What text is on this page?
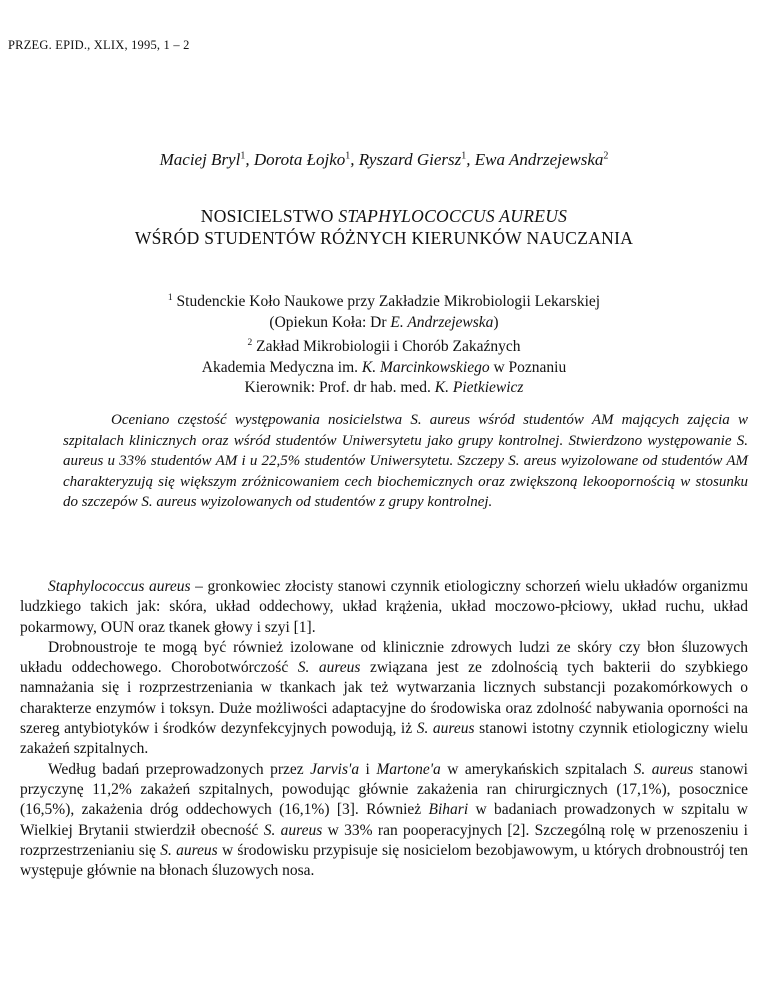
PRZEG. EPID., XLIX, 1995, 1 – 2
Maciej Bryl$^1$, Dorota Łojko$^1$, Ryszard Giersz$^1$, Ewa Andrzejewska$^2$
NOSICIELSTWO STAPHYLOCOCCUS AUREUS
WŚRÓD STUDENTÓW RÓŻNYCH KIERUNKÓW NAUCZANIA
$^1$ Studenckie Koło Naukowe przy Zakładzie Mikrobiologii Lekarskiej
(Opiekun Koła: Dr E. Andrzejewska)
$^2$ Zakład Mikrobiologii i Chorób Zakaźnych
Akademia Medyczna im. K. Marcinkowskiego w Poznaniu
Kierownik: Prof. dr hab. med. K. Pietkiewicz

Oceniano częstość występowania nosicielstwa S. aureus wśród studentów AM mających zajęcia w szpitalach klinicznych oraz wśród studentów Uniwersytetu jako grupy kontrolnej. Stwierdzono występowanie S. aureus u 33% studentów AM i u 22,5% studentów Uniwersytetu. Szczepy S. areus wyizolowane od studentów AM charakteryzują się większym zróżnicowaniem cech biochemicznych oraz zwiększoną lekoopornością w stosunku do szczepów S. aureus wyizolowanych od studentów z grupy kontrolnej.

Staphylococcus aureus – gronkowiec złocisty stanowi czynnik etiologiczny schorzeń wielu układów organizmu ludzkiego takich jak: skóra, układ oddechowy, układ krążenia, układ moczowo-płciowy, układ ruchu, układ pokarmowy, OUN oraz tkanek głowy i szyi [1].

Drobnoustroje te mogą być również izolowane od klinicznie zdrowych ludzi ze skóry czy błon śluzowych układu oddechowego. Chorobotwórczość S. aureus związana jest ze zdolnością tych bakterii do szybkiego namnażania się i rozprzestrzeniania w tkankach jak też wytwarzania licznych substancji pozakomórkowych o charakterze enzymów i toksyn. Duże możliwości adaptacyjne do środowiska oraz zdolność nabywania oporności na szereg antybiotyków i środków dezynfekcyjnych powodują, iż S. aureus stanowi istotny czynnik etiologiczny wielu zakażeń szpitalnych.

Według badań przeprowadzonych przez Jarvis'a i Martone'a w amerykańskich szpitalach S. aureus stanowi przyczynę 11,2% zakażeń szpitalnych, powodując głównie zakażenia ran chirurgicznych (17,1%), posocznice (16,5%), zakażenia dróg oddechowych (16,1%) [3]. Również Bihari w badaniach prowadzonych w szpitalu w Wielkiej Brytanii stwierdził obecność S. aureus w 33% ran pooperacyjnych [2]. Szczególną rolę w przenoszeniu i rozprzestrzenianiu się S. aureus w środowisku przypisuje się nosicielom bezobjawowym, u których drobnoustrój ten występuje głównie na błonach śluzowych nosa.
